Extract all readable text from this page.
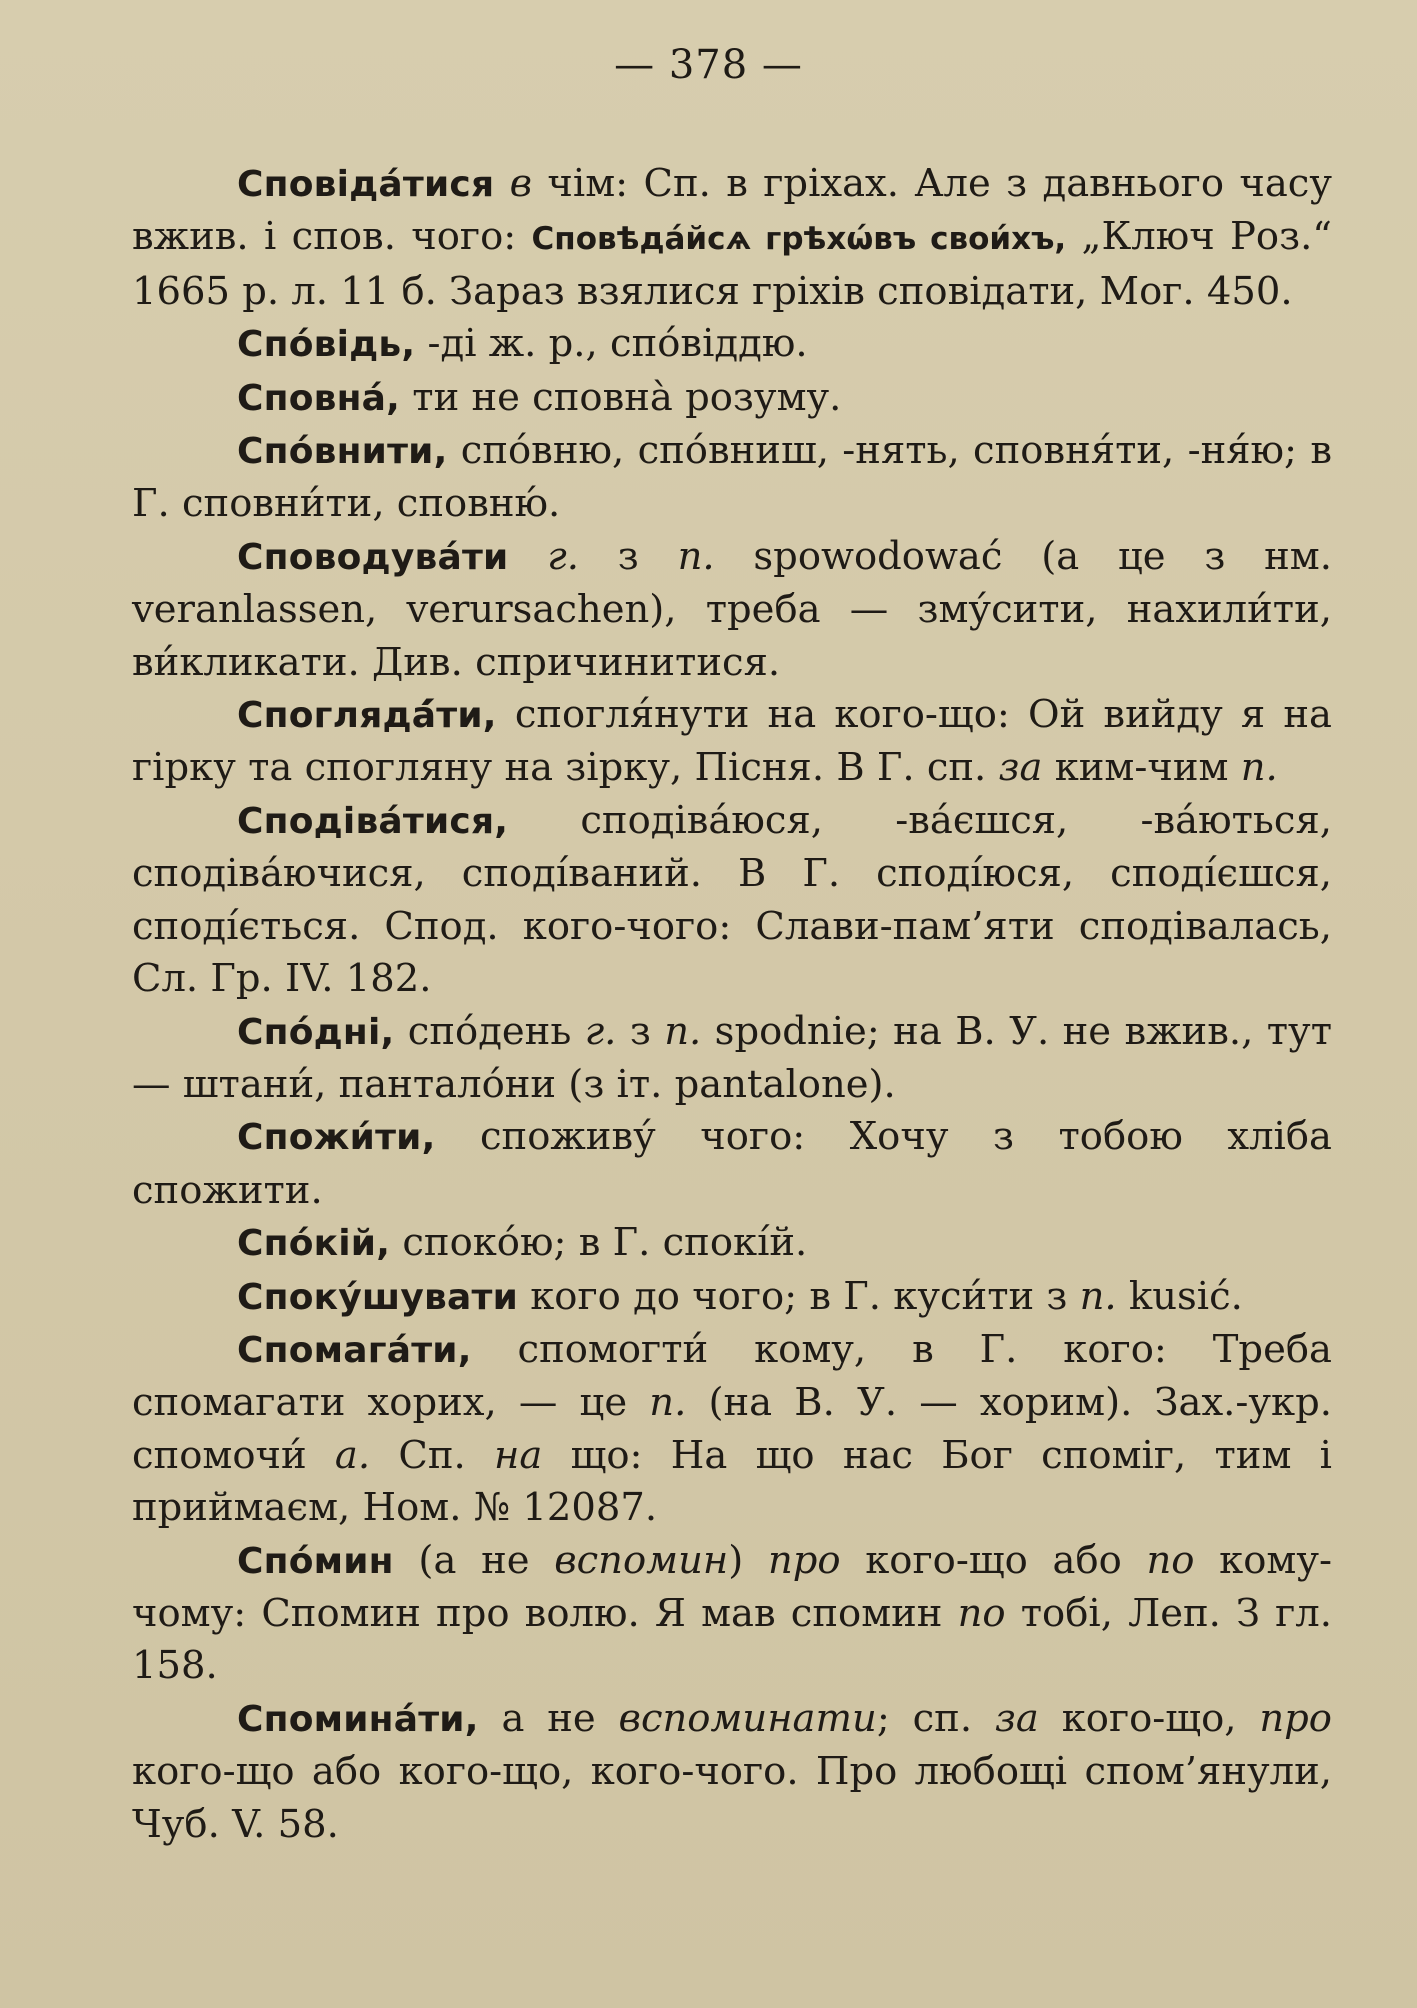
— 378 —

Сповіда́тися в чім: Сп. в гріхах. Але з давнього часу вжив. і спов. чого: Сповѣда́йсѧ грѣхѡ́въ свои́хъ, „Ключ Роз.“ 1665 р. л. 11 б. Зараз взялися гріхів сповідати, Мог. 450.

Спо́відь, -ді ж. р., спо́віддю.

Сповна́, ти не сповна̀ розуму.

Спо́внити, спо́вню, спо́вниш, -нять, сповня́ти, -ня́ю; в Г. сповни́ти, сповню́.

Споводува́ти г. з п. spowodować (а це з нм. veranlassen, verursachen), треба — зму́сити, нахили́ти, ви́кликати. Див. спричинитися.

Споглядá́ти, спогля́нути на кого-що: Ой вийду я на гірку та спогляну на зірку, Пісня. В Г. сп. за ким-чим п.

Сподіва́тися, сподіва́юся, -ва́єшся, -ва́ються, сподіва́ючися, сподíваний. В Г. сподíюся, сподíєшся, сподíється. Спод. кого-чого: Слави-пам’яти сподівалась, Сл. Гр. IV. 182.

Спо́дні, спо́день г. з п. spodnie; на В. У. не вжив., тут — штани́, пантало́ни (з іт. pantalone).

Спожи́ти, споживу́ чого: Хочу з тобою хліба спожити.

Спо́кій, споко́ю; в Г. спокíй.

Споку́шувати кого до чого; в Г. куси́ти з п. kusić.

Спомага́ти, спомогти́ кому, в Г. кого: Треба спомагати хорих, — це п. (на В. У. — хорим). Зах.-укр. спомочи́ а. Сп. на що: На що нас Бог споміг, тим і приймаєм, Ном. № 12087.

Спо́мин (а не вспомин) про кого-що або по кому-чому: Спомин про волю. Я мав спомин по тобі, Леп. З гл. 158.

Спомина́ти, а не вспоминати; сп. за кого-що, про кого-що або кого-що, кого-чого. Про любощі спом’янули, Чуб. V. 58.
